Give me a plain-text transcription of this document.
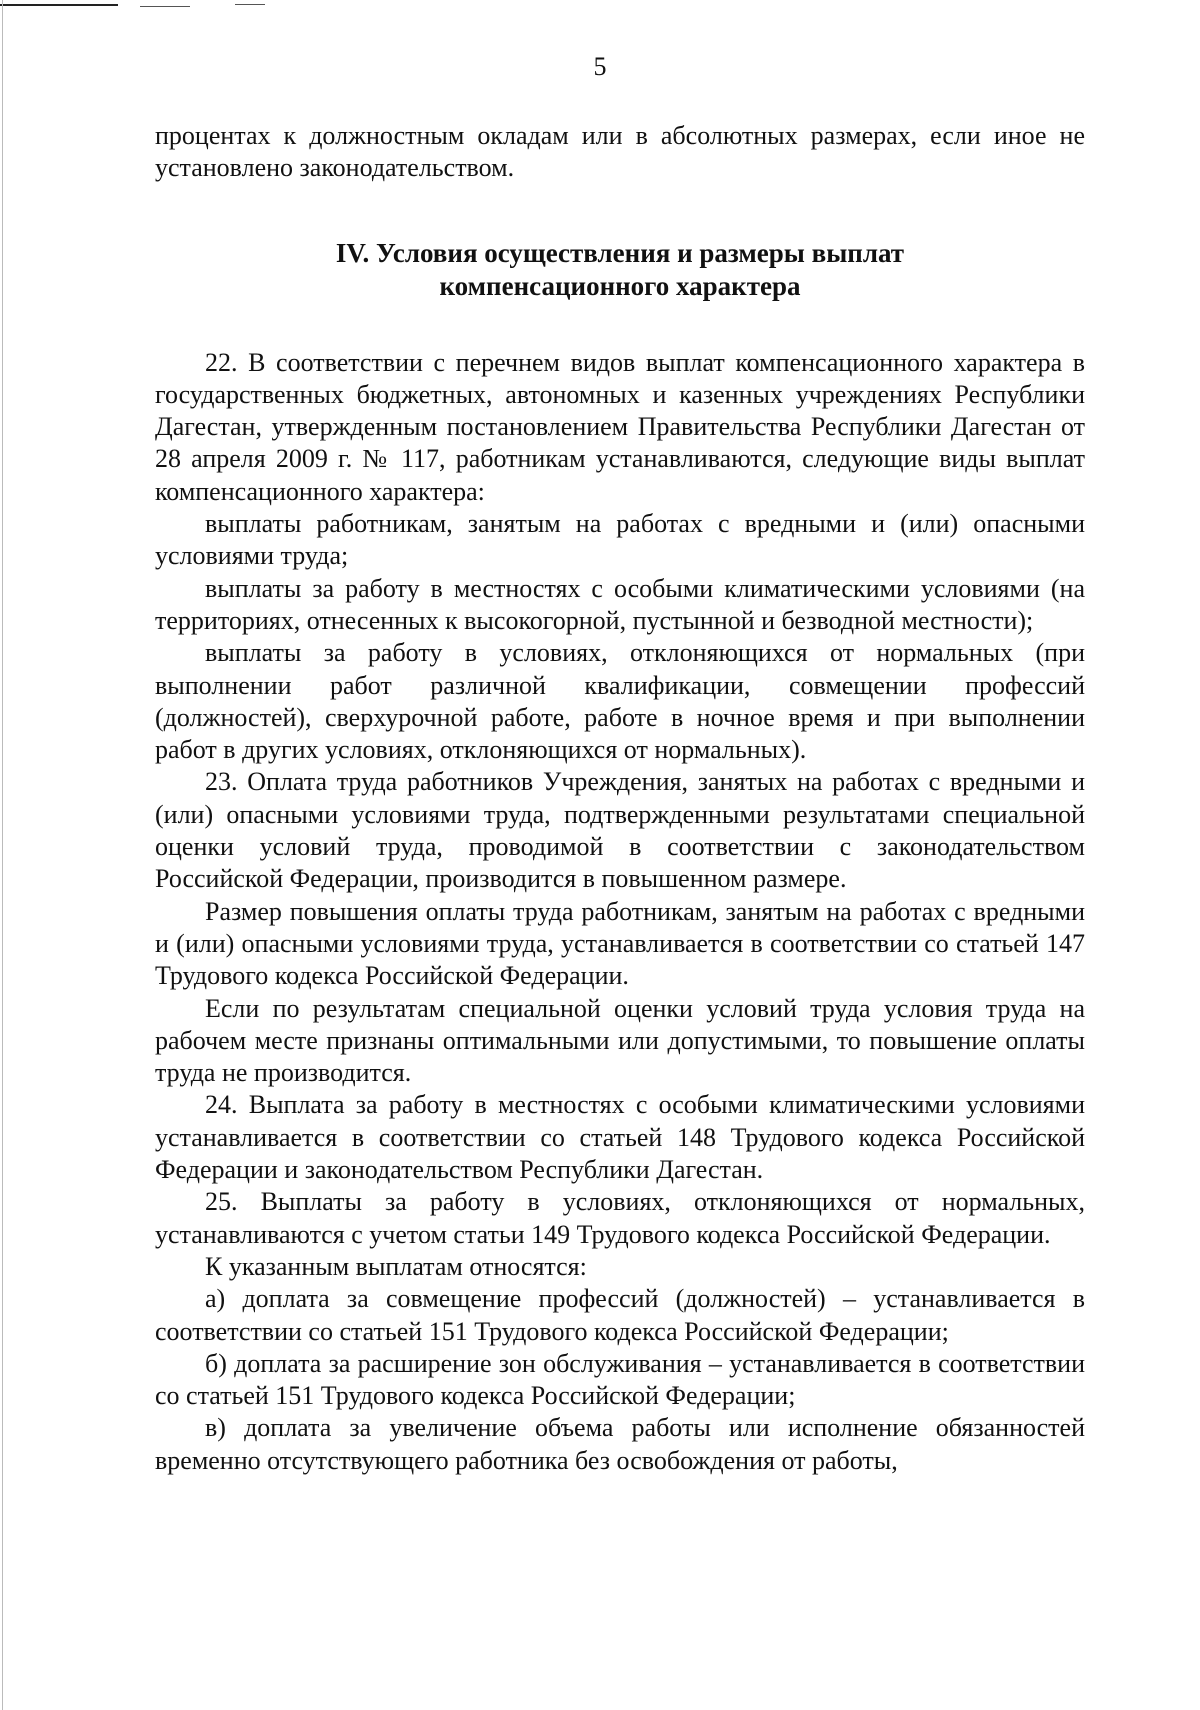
5

процентах к должностным окладам или в абсолютных размерах, если иное не установлено законодательством.

IV. Условия осуществления и размеры выплат
компенсационного характера

22. В соответствии с перечнем видов выплат компенсационного характера в государственных бюджетных, автономных и казенных учреждениях Республики Дагестан, утвержденным постановлением Правительства Республики Дагестан от 28 апреля 2009 г. № 117, работникам устанавливаются, следующие виды выплат компенсационного характера:

выплаты работникам, занятым на работах с вредными и (или) опасными условиями труда;

выплаты за работу в местностях с особыми климатическими условиями (на территориях, отнесенных к высокогорной, пустынной и безводной местности);

выплаты за работу в условиях, отклоняющихся от нормальных (при выполнении работ различной квалификации, совмещении профессий (должностей), сверхурочной работе, работе в ночное время и при выполнении работ в других условиях, отклоняющихся от нормальных).

23. Оплата труда работников Учреждения, занятых на работах с вредными и (или) опасными условиями труда, подтвержденными результатами специальной оценки условий труда, проводимой в соответствии с законодательством Российской Федерации, производится в повышенном размере.

Размер повышения оплаты труда работникам, занятым на работах с вредными и (или) опасными условиями труда, устанавливается в соответствии со статьей 147 Трудового кодекса Российской Федерации.

Если по результатам специальной оценки условий труда условия труда на рабочем месте признаны оптимальными или допустимыми, то повышение оплаты труда не производится.

24. Выплата за работу в местностях с особыми климатическими условиями устанавливается в соответствии со статьей 148 Трудового кодекса Российской Федерации и законодательством Республики Дагестан.

25. Выплаты за работу в условиях, отклоняющихся от нормальных, устанавливаются с учетом статьи 149 Трудового кодекса Российской Федерации.

К указанным выплатам относятся:

а) доплата за совмещение профессий (должностей) – устанавливается в соответствии со статьей 151 Трудового кодекса Российской Федерации;

б) доплата за расширение зон обслуживания – устанавливается в соответствии со статьей 151 Трудового кодекса Российской Федерации;

в) доплата за увеличение объема работы или исполнение обязанностей временно отсутствующего работника без освобождения от работы,
